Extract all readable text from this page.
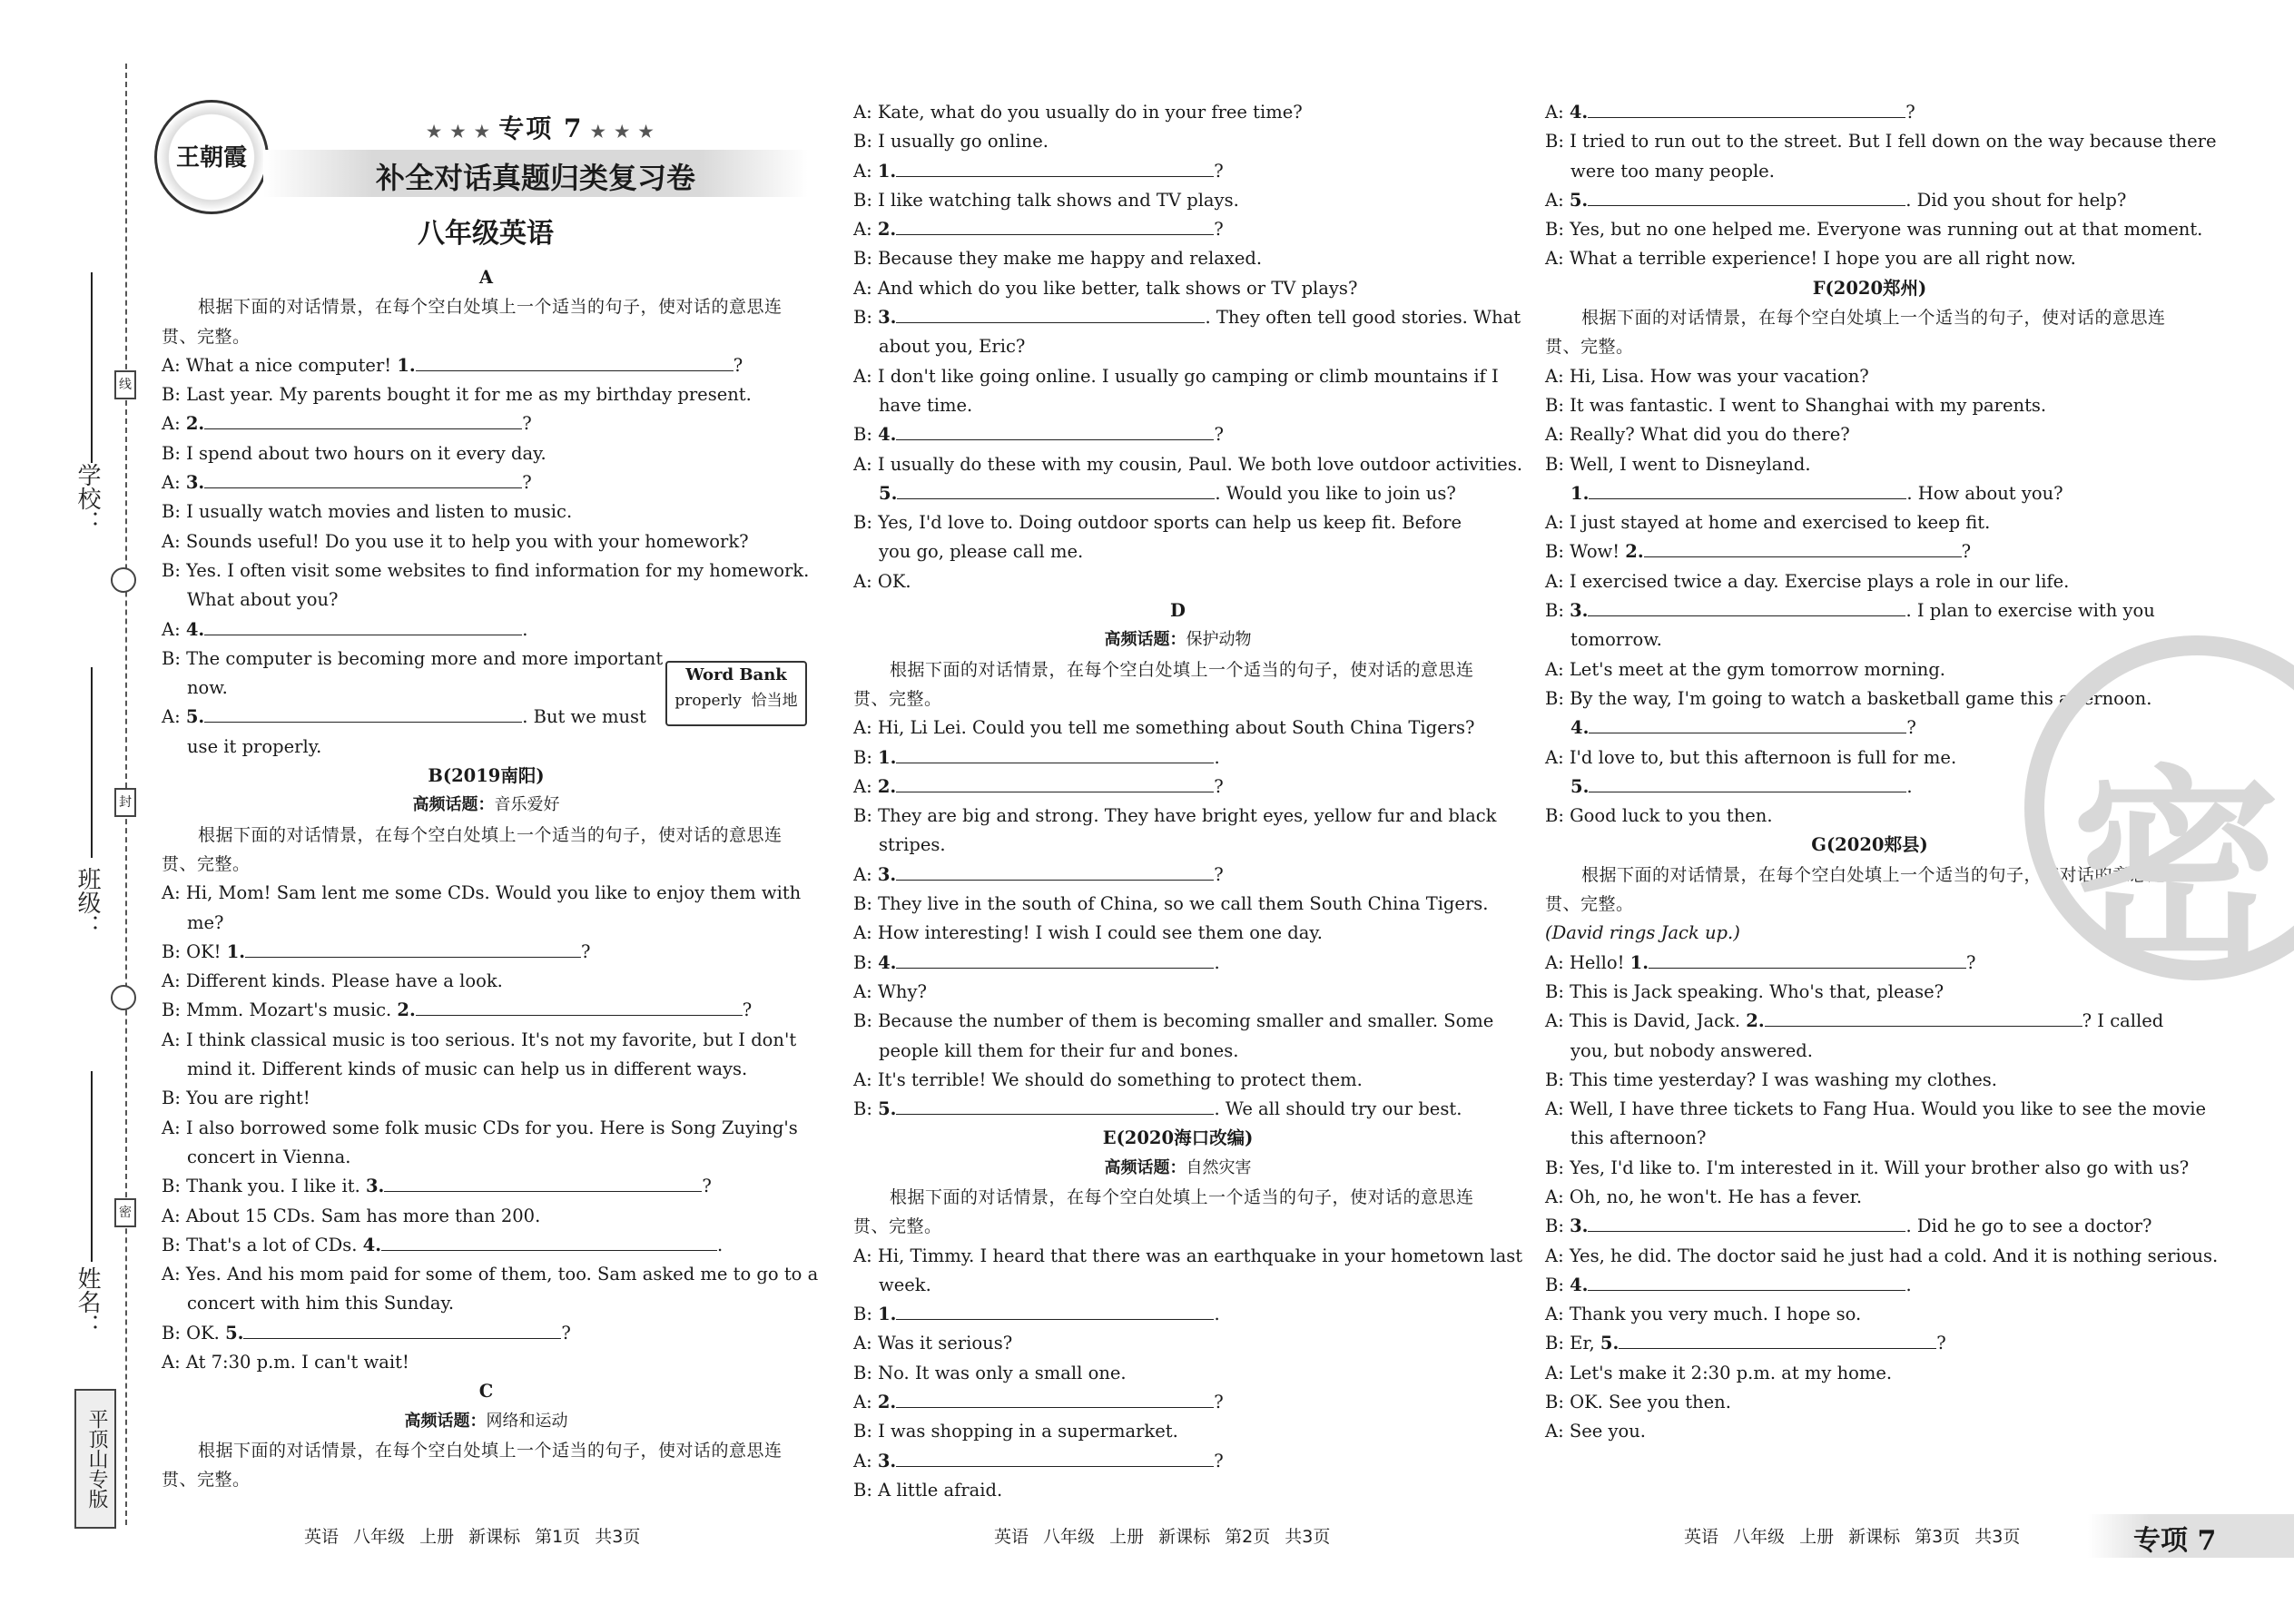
学校：
班级：
姓名：
线
封
密
平顶山专版
王朝霞
★ ★ ★ 专项 7 ★ ★ ★
补全对话真题归类复习卷
八年级英语
A
根据下面的对话情景，在每个空白处填上一个适当的句子，使对话的意思连贯、完整。
A: What a nice computer! 1.	?
B: Last year. My parents bought it for me as my birthday present.
A: 2.	?
B: I spend about two hours on it every day.
A: 3.	?
B: I usually watch movies and listen to music.
A: Sounds useful! Do you use it to help you with your homework?
B: Yes. I often visit some websites to find information for my homework.
What about you?
A: 4.	.
B: The computer is becoming more and more important
now.
A: 5.	. But we must
use it properly.
B(2019南阳)
高频话题：音乐爱好
根据下面的对话情景，在每个空白处填上一个适当的句子，使对话的意思连贯、完整。
A: Hi, Mom! Sam lent me some CDs. Would you like to enjoy them with
me?
B: OK! 1.	?
A: Different kinds. Please have a look.
B: Mmm. Mozart's music. 2.	?
A: I think classical music is too serious. It's not my favorite, but I don't
mind it. Different kinds of music can help us in different ways.
B: You are right!
A: I also borrowed some folk music CDs for you. Here is Song Zuying's
concert in Vienna.
B: Thank you. I like it. 3.	?
A: About 15 CDs. Sam has more than 200.
B: That's a lot of CDs. 4.	.
A: Yes. And his mom paid for some of them, too. Sam asked me to go to a
concert with him this Sunday.
B: OK. 5.	?
A: At 7:30 p.m. I can't wait!
C
高频话题：网络和运动
根据下面的对话情景，在每个空白处填上一个适当的句子，使对话的意思连贯、完整。
A: Kate, what do you usually do in your free time?
B: I usually go online.
A: 1.	?
B: I like watching talk shows and TV plays.
A: 2.	?
B: Because they make me happy and relaxed.
A: And which do you like better, talk shows or TV plays?
B: 3.	. They often tell good stories. What
about you, Eric?
A: I don't like going online. I usually go camping or climb mountains if I
have time.
B: 4.	?
A: I usually do these with my cousin, Paul. We both love outdoor activities.
5.	. Would you like to join us?
B: Yes, I'd love to. Doing outdoor sports can help us keep fit. Before
you go, please call me.
A: OK.
D
高频话题：保护动物
根据下面的对话情景，在每个空白处填上一个适当的句子，使对话的意思连贯、完整。
A: Hi, Li Lei. Could you tell me something about South China Tigers?
B: 1.	.
A: 2.	?
B: They are big and strong. They have bright eyes, yellow fur and black
stripes.
A: 3.	?
B: They live in the south of China, so we call them South China Tigers.
A: How interesting! I wish I could see them one day.
B: 4.	.
A: Why?
B: Because the number of them is becoming smaller and smaller. Some
people kill them for their fur and bones.
A: It's terrible! We should do something to protect them.
B: 5.	. We all should try our best.
E(2020海口改编)
高频话题：自然灾害
根据下面的对话情景，在每个空白处填上一个适当的句子，使对话的意思连贯、完整。
A: Hi, Timmy. I heard that there was an earthquake in your hometown last
week.
B: 1.	.
A: Was it serious?
B: No. It was only a small one.
A: 2.	?
B: I was shopping in a supermarket.
A: 3.	?
B: A little afraid.
A: 4.	?
B: I tried to run out to the street. But I fell down on the way because there
were too many people.
A: 5.	. Did you shout for help?
B: Yes, but no one helped me. Everyone was running out at that moment.
A: What a terrible experience! I hope you are all right now.
F(2020郑州)
根据下面的对话情景，在每个空白处填上一个适当的句子，使对话的意思连贯、完整。
A: Hi, Lisa. How was your vacation?
B: It was fantastic. I went to Shanghai with my parents.
A: Really? What did you do there?
B: Well, I went to Disneyland.
1.	. How about you?
A: I just stayed at home and exercised to keep fit.
B: Wow! 2.	?
A: I exercised twice a day. Exercise plays a role in our life.
B: 3.	. I plan to exercise with you
tomorrow.
A: Let's meet at the gym tomorrow morning.
B: By the way, I'm going to watch a basketball game this afternoon.
4.	?
A: I'd love to, but this afternoon is full for me.
5.	.
B: Good luck to you then.
G(2020郏县)
根据下面的对话情景，在每个空白处填上一个适当的句子，使对话的意思连贯、完整。
(David rings Jack up.)
A: Hello! 1.	?
B: This is Jack speaking. Who's that, please?
A: This is David, Jack. 2.	? I called
you, but nobody answered.
B: This time yesterday? I was washing my clothes.
A: Well, I have three tickets to Fang Hua. Would you like to see the movie
this afternoon?
B: Yes, I'd like to. I'm interested in it. Will your brother also go with us?
A: Oh, no, he won't. He has a fever.
B: 3.	. Did he go to see a doctor?
A: Yes, he did. The doctor said he just had a cold. And it is nothing serious.
B: 4.	.
A: Thank you very much. I hope so.
B: Er, 5.	?
A: Let's make it 2:30 p.m. at my home.
B: OK. See you then.
A: See you.
Word Bank
properly 恰当地
英语 八年级 上册 新课标 第1页 共3页	英语 八年级 上册 新课标 第2页 共3页	英语 八年级 上册 新课标 第3页 共3页	专项 7
密
